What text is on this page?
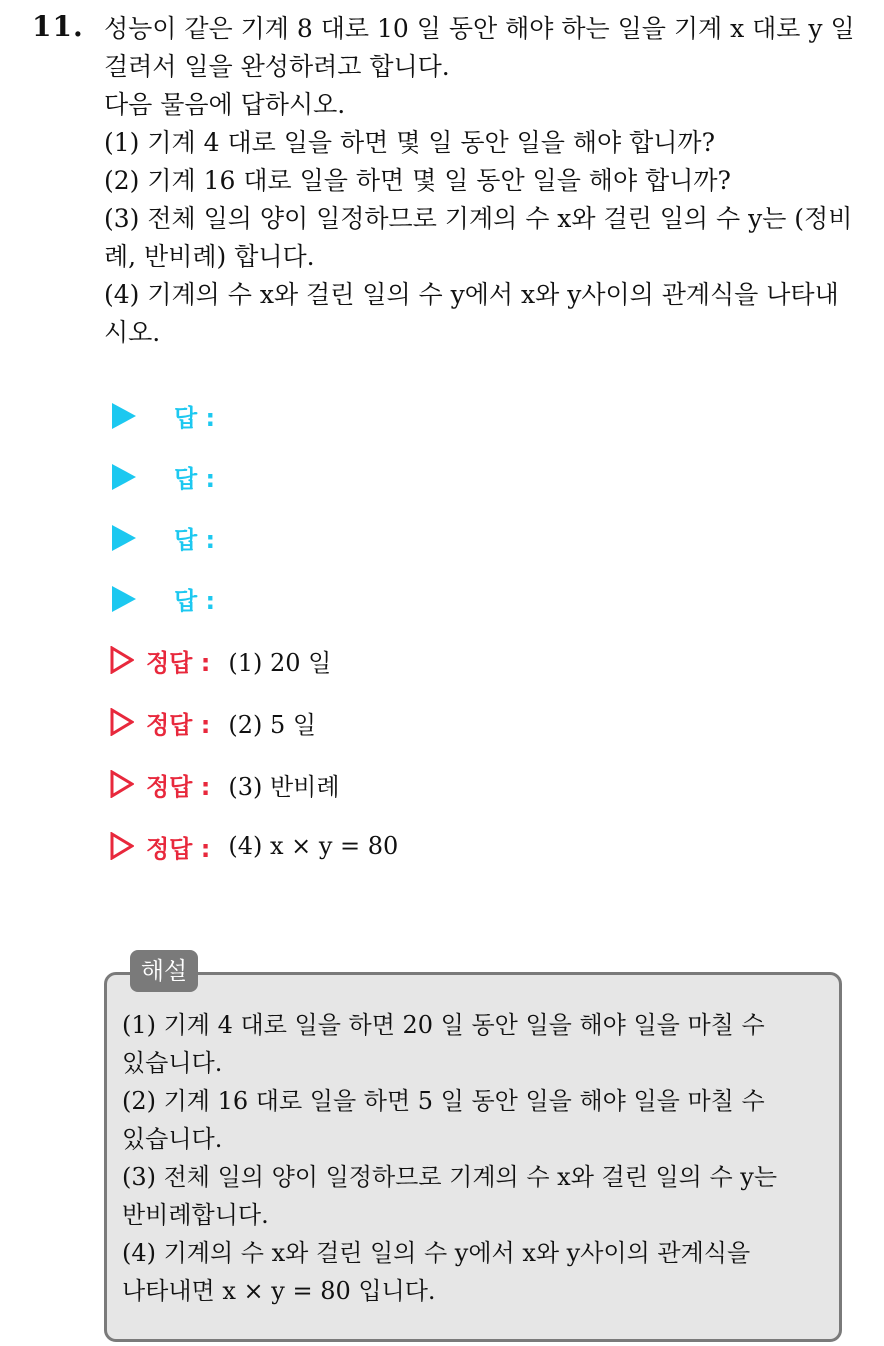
11. 성능이 같은 기계 8 대로 10 일 동안 해야 하는 일을 기계 x 대로 y 일

걸려서 일을 완성하려고 합니다.

다음 물음에 답하시오.

(1) 기계 4 대로 일을 하면 몇 일 동안 일을 해야 합니까?

(2) 기계 16 대로 일을 하면 몇 일 동안 일을 해야 합니까?

(3) 전체 일의 양이 일정하므로 기계의 수 x와 걸린 일의 수 y는 (정비

례, 반비례) 합니다.

(4) 기계의 수 x와 걸린 일의 수 y에서 x와 y사이의 관계식을 나타내

시오.

답 :
답 :
답 :
답 :
정답 : (1) 20 일
정답 : (2) 5 일
정답 : (3) 반비례
정답 : (4) x × y = 80
해설

(1) 기계 4 대로 일을 하면 20 일 동안 일을 해야 일을 마칠 수

있습니다.

(2) 기계 16 대로 일을 하면 5 일 동안 일을 해야 일을 마칠 수

있습니다.

(3) 전체 일의 양이 일정하므로 기계의 수 x와 걸린 일의 수 y는

반비례합니다.

(4) 기계의 수 x와 걸린 일의 수 y에서 x와 y사이의 관계식을

나타내면 x × y = 80 입니다.
